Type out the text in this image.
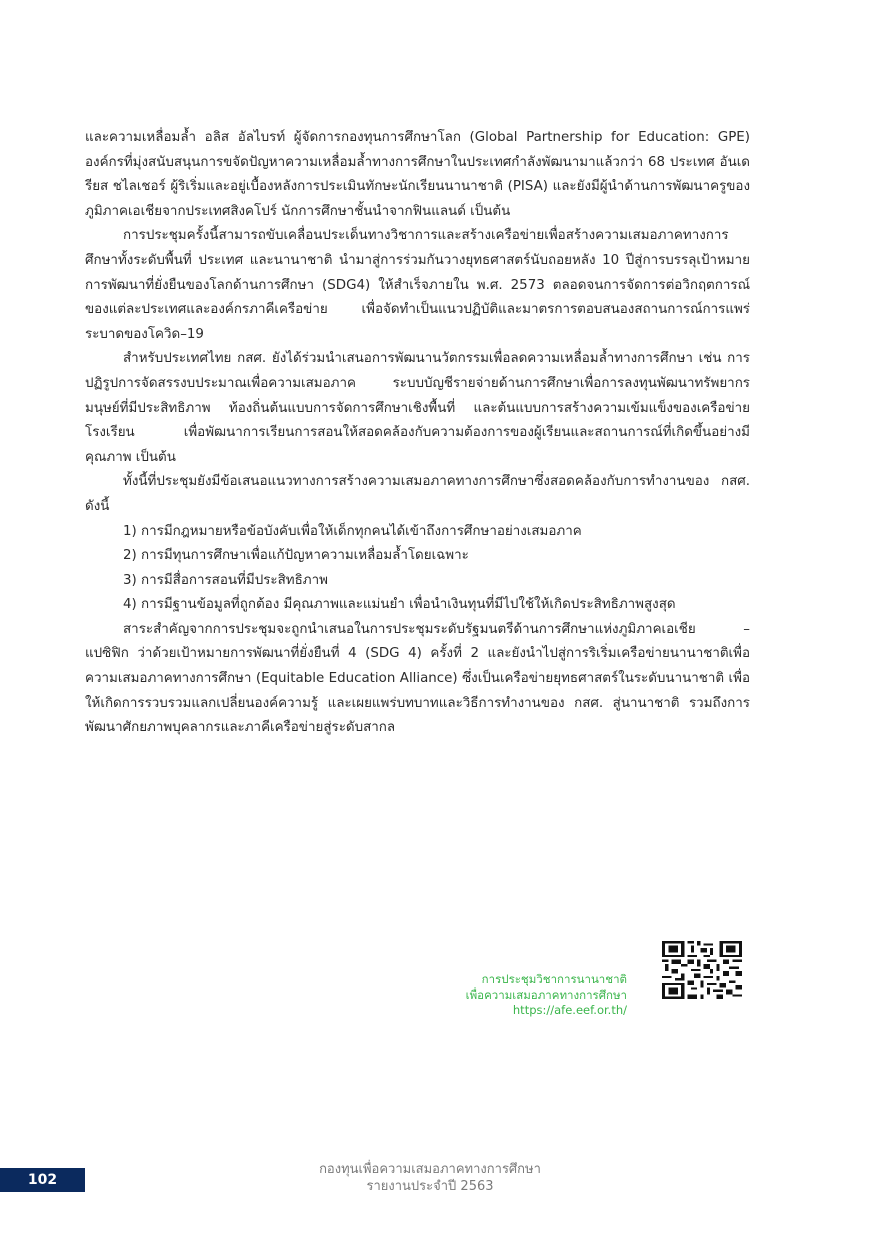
และความเหลื่อมล้ำ อลิส อัลไบรท์ ผู้จัดการกองทุนการศึกษาโลก (Global Partnership for Education: GPE) องค์กรที่มุ่งสนับสนุนการขจัดปัญหาความเหลื่อมล้ำทางการศึกษาในประเทศกำลังพัฒนามาแล้วกว่า 68 ประเทศ อันเดรียส ชไลเชอร์ ผู้ริเริ่มและอยู่เบื้องหลังการประเมินทักษะนักเรียนนานาชาติ (PISA) และยังมีผู้นำด้านการพัฒนาครูของภูมิภาคเอเชียจากประเทศสิงคโปร์ นักการศึกษาชั้นนำจากฟินแลนด์ เป็นต้น

การประชุมครั้งนี้สามารถขับเคลื่อนประเด็นทางวิชาการและสร้างเครือข่ายเพื่อสร้างความเสมอภาคทางการศึกษาทั้งระดับพื้นที่ ประเทศ และนานาชาติ นำมาสู่การร่วมกันวางยุทธศาสตร์นับถอยหลัง 10 ปีสู่การบรรลุเป้าหมายการพัฒนาที่ยั่งยืนของโลกด้านการศึกษา (SDG4) ให้สำเร็จภายใน พ.ศ. 2573 ตลอดจนการจัดการต่อวิกฤตการณ์ของแต่ละประเทศและองค์กรภาคีเครือข่าย เพื่อจัดทำเป็นแนวปฏิบัติและมาตรการตอบสนองสถานการณ์การแพร่ระบาดของโควิด–19

สำหรับประเทศไทย กสศ. ยังได้ร่วมนำเสนอการพัฒนานวัตกรรมเพื่อลดความเหลื่อมล้ำทางการศึกษา เช่น การปฏิรูปการจัดสรรงบประมาณเพื่อความเสมอภาค ระบบบัญชีรายจ่ายด้านการศึกษาเพื่อการลงทุนพัฒนาทรัพยากรมนุษย์ที่มีประสิทธิภาพ ท้องถิ่นต้นแบบการจัดการศึกษาเชิงพื้นที่ และต้นแบบการสร้างความเข้มแข็งของเครือข่ายโรงเรียน เพื่อพัฒนาการเรียนการสอนให้สอดคล้องกับความต้องการของผู้เรียนและสถานการณ์ที่เกิดขึ้นอย่างมีคุณภาพ เป็นต้น

ทั้งนี้ที่ประชุมยังมีข้อเสนอแนวทางการสร้างความเสมอภาคทางการศึกษาซึ่งสอดคล้องกับการทำงานของ กสศ. ดังนี้

1) การมีกฎหมายหรือข้อบังคับเพื่อให้เด็กทุกคนได้เข้าถึงการศึกษาอย่างเสมอภาค

2) การมีทุนการศึกษาเพื่อแก้ปัญหาความเหลื่อมล้ำโดยเฉพาะ

3) การมีสื่อการสอนที่มีประสิทธิภาพ

4) การมีฐานข้อมูลที่ถูกต้อง มีคุณภาพและแม่นยำ เพื่อนำเงินทุนที่มีไปใช้ให้เกิดประสิทธิภาพสูงสุด

สาระสำคัญจากการประชุมจะถูกนำเสนอในการประชุมระดับรัฐมนตรีด้านการศึกษาแห่งภูมิภาคเอเชีย – แปซิฟิก ว่าด้วยเป้าหมายการพัฒนาที่ยั่งยืนที่ 4 (SDG 4) ครั้งที่ 2 และยังนำไปสู่การริเริ่มเครือข่ายนานาชาติเพื่อความเสมอภาคทางการศึกษา (Equitable Education Alliance) ซึ่งเป็นเครือข่ายยุทธศาสตร์ในระดับนานาชาติ เพื่อให้เกิดการรวบรวมแลกเปลี่ยนองค์ความรู้ และเผยแพร่บทบาทและวิธีการทำงานของ กสศ. สู่นานาชาติ รวมถึงการพัฒนาศักยภาพบุคลากรและภาคีเครือข่ายสู่ระดับสากล

การประชุมวิชาการนานาชาติ
เพื่อความเสมอภาคทางการศึกษา
https://afe.eef.or.th/
102
กองทุนเพื่อความเสมอภาคทางการศึกษา
รายงานประจำปี 2563
